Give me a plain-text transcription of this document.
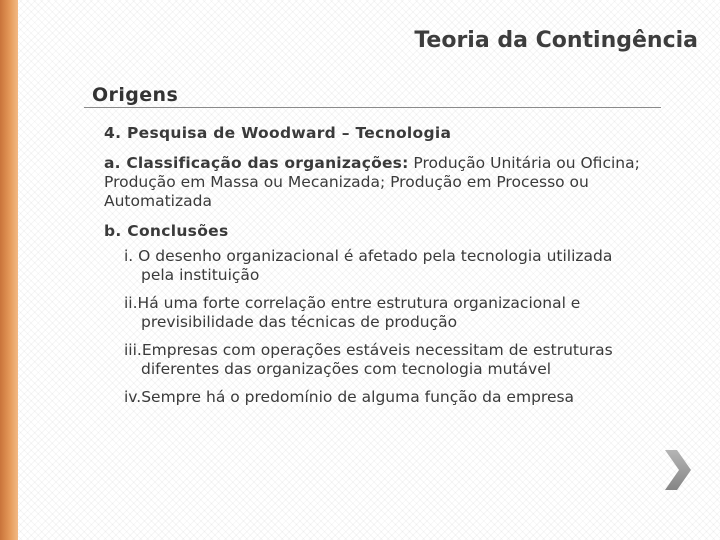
Teoria da Contingência
Origens

4. Pesquisa de Woodward – Tecnologia

a. Classificação das organizações: Produção Unitária ou Oficina; Produção em Massa ou Mecanizada; Produção em Processo ou Automatizada

b. Conclusões

i. O desenho organizacional é afetado pela tecnologia utilizada pela instituição
ii.Há uma forte correlação entre estrutura organizacional e previsibilidade das técnicas de produção
iii.Empresas com operações estáveis necessitam de estruturas diferentes das organizações com tecnologia mutável
iv.Sempre há o predomínio de alguma função da empresa
